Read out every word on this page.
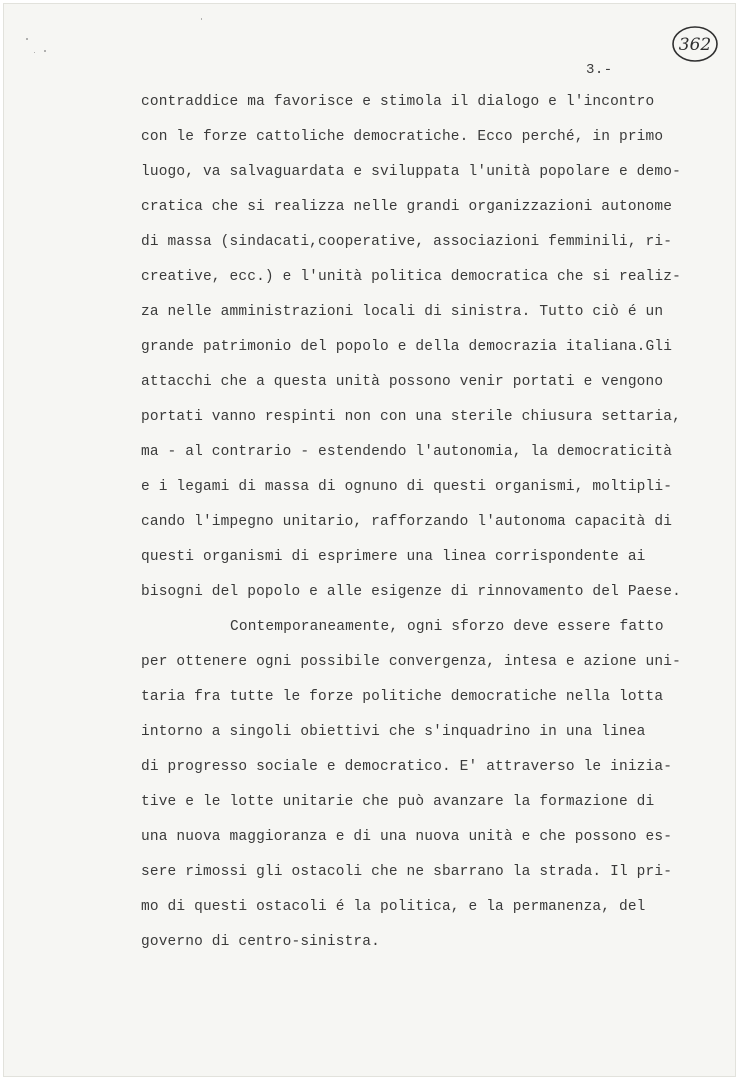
362
3.-
contraddice ma favorisce e stimola il dialogo e l'incontro
con le forze cattoliche democratiche. Ecco perché, in primo
luogo, va salvaguardata e sviluppata l'unità popolare e demo-
cratica che si realizza nelle grandi organizzazioni autonome
di massa (sindacati,cooperative, associazioni femminili, ri-
creative, ecc.) e l'unità politica democratica che si realiz-
za nelle amministrazioni locali di sinistra. Tutto ciò é un
grande patrimonio del popolo e della democrazia italiana.Gli
attacchi che a questa unità possono venir portati e vengono
portati vanno respinti non con una sterile chiusura settaria,
ma - al contrario - estendendo l'autonomia, la democraticità
e i legami di massa di ognuno di questi organismi, moltipli-
cando l'impegno unitario, rafforzando l'autonoma capacità di
questi organismi di esprimere una linea corrispondente ai
bisogni del popolo e alle esigenze di rinnovamento del Paese.
Contemporaneamente, ogni sforzo deve essere fatto
per ottenere ogni possibile convergenza, intesa e azione uni-
taria fra tutte le forze politiche democratiche nella lotta
intorno a singoli obiettivi che s'inquadrino in una linea
di progresso sociale e democratico. E' attraverso le inizia-
tive e le lotte unitarie che può avanzare la formazione di
una nuova maggioranza e di una nuova unità e che possono es-
sere rimossi gli ostacoli che ne sbarrano la strada. Il pri-
mo di questi ostacoli é la politica, e la permanenza, del
governo di centro-sinistra.
